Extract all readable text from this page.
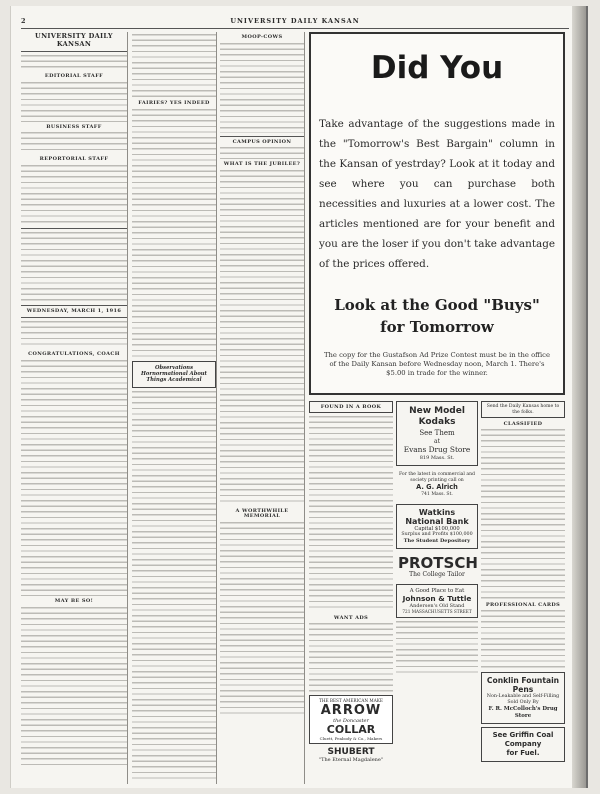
2	UNIVERSITY DAILY KANSAN
UNIVERSITY DAILY KANSAN
EDITORIAL STAFF
BUSINESS STAFF
REPORTORIAL STAFF
WEDNESDAY, MARCH 1, 1916
CONGRATULATIONS, COACH
MAY BE SO!
FAIRIES? YES INDEED
Observations Hornormational About Things Academical
MOOP-COWS
CAMPUS OPINION
WHAT IS THE JUBILEE?
A WORTHWHILE MEMORIAL
Did You
Take advantage of the suggestions made in the "Tomorrow's Best Bargain" column in the Kansan of yestrday? Look at it today and see where you can purchase both necessities and luxuries at a lower cost. The articles mentioned are for your benefit and you are the loser if you don't take advantage of the prices offered.
Look at the Good "Buys"
for Tomorrow
The copy for the Gustafson Ad Prize Contest must be in the office of the Daily Kansan before Wednesday noon, March 1. There's $5.00 in trade for the winner.
FOUND IN A BOOK
WANT ADS
THE BEST AMERICAN MAKE
ARROW
the Doncaster
COLLAR
Cluett, Peabody & Co., Makers
SHUBERT
"The Eternal Magdalene"
New Model Kodaks
See Them
at
Evans Drug Store
819 Mass. St.
For the latest in commercial and society printing call on
A. G. Alrich
741 Mass. St.
Watkins National Bank
Capital $100,000
Surplus and Profits $100,000
The Student Depository
PROTSCH
The College Tailor
A Good Place to Eat
Johnson & Tuttle
Andersen's Old Stand
721 MASSACHUSETTS STREET
Send the Daily Kansas home to the folks.
CLASSIFIED
PROFESSIONAL CARDS
Conklin Fountain Pens
Non-Leakable and Self-Filling
Sold Only By
F. R. McColloch's Drug Store
See Griffin Coal Company
for Fuel.
